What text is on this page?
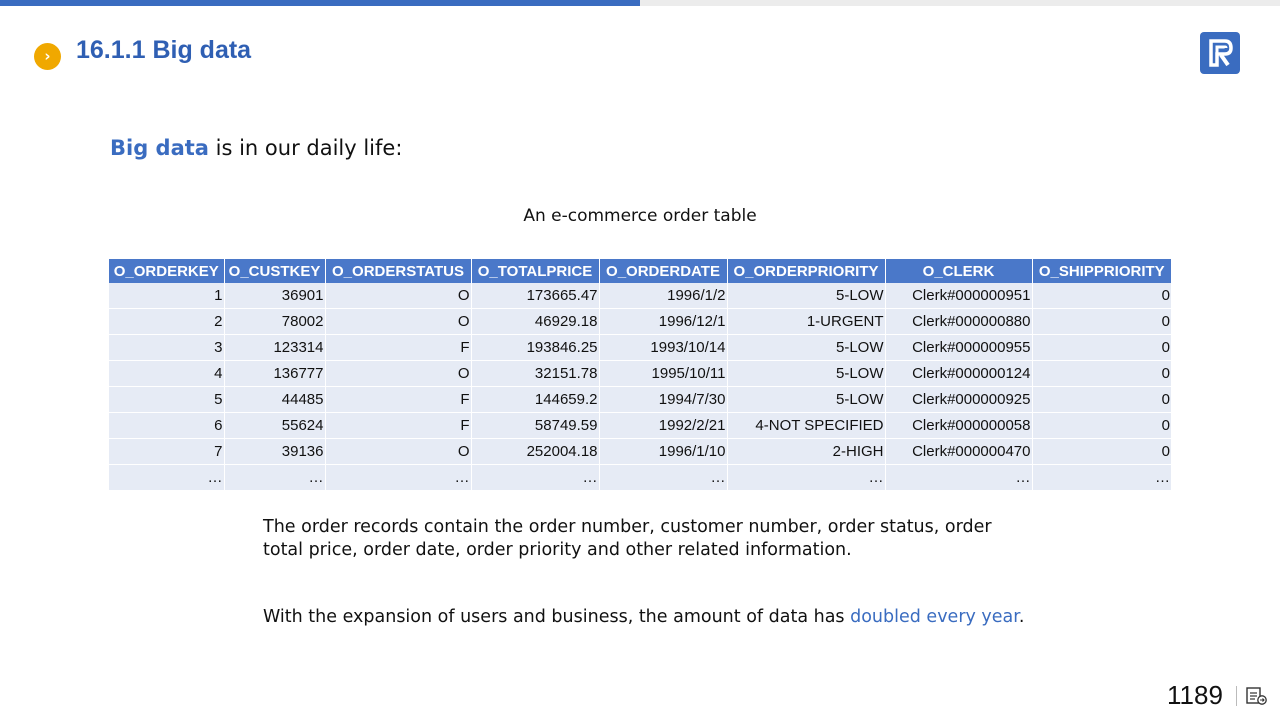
›	16.1.1 Big data
Big data is in our daily life:
An e-commerce order table
O_ORDERKEY	O_CUSTKEY	O_ORDERSTATUS	O_TOTALPRICE	O_ORDERDATE	O_ORDERPRIORITY	O_CLERK	O_SHIPPRIORITY
1	36901	O	173665.47	1996/1/2	5-LOW	Clerk#000000951	0
2	78002	O	46929.18	1996/12/1	1-URGENT	Clerk#000000880	0
3	123314	F	193846.25	1993/10/14	5-LOW	Clerk#000000955	0
4	136777	O	32151.78	1995/10/11	5-LOW	Clerk#000000124	0
5	44485	F	144659.2	1994/7/30	5-LOW	Clerk#000000925	0
6	55624	F	58749.59	1992/2/21	4-NOT SPECIFIED	Clerk#000000058	0
7	39136	O	252004.18	1996/1/10	2-HIGH	Clerk#000000470	0
…	…	…	…	…	…	…	…
The order records contain the order number, customer number, order status, order
total price, order date, order priority and other related information.
With the expansion of users and business, the amount of data has doubled every year.
1189
